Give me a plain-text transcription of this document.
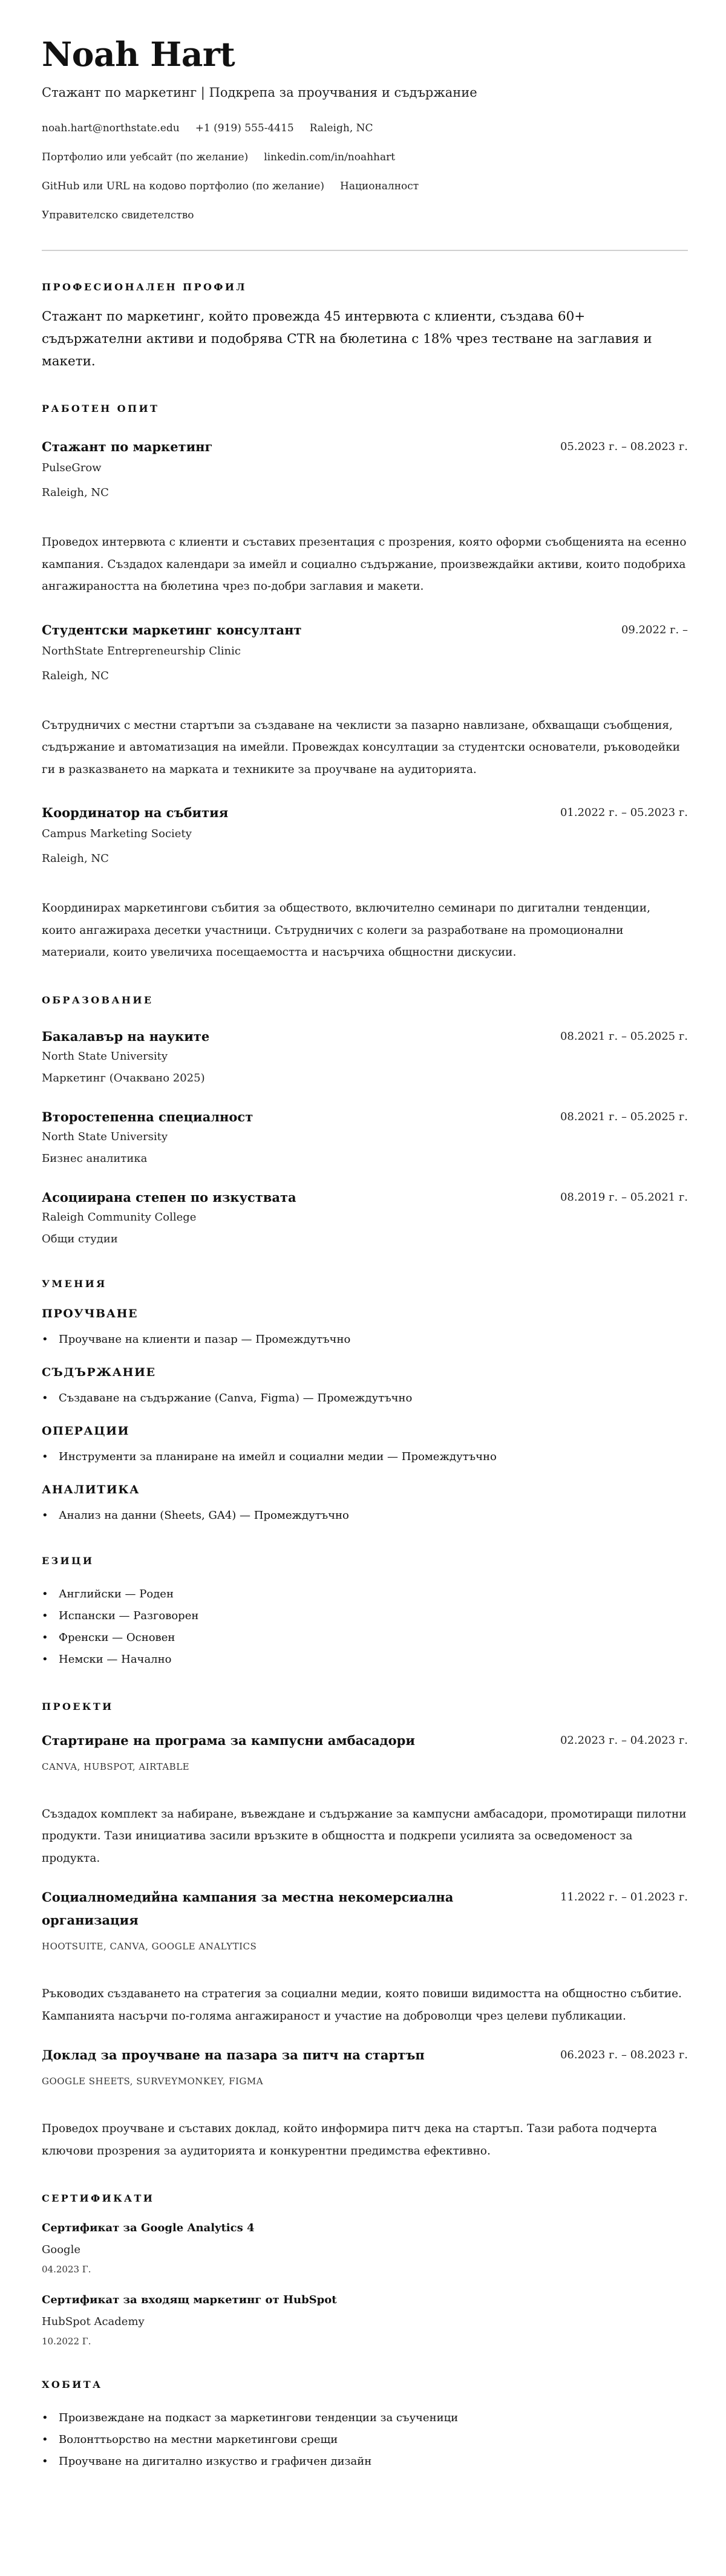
Noah Hart
Стажант по маркетинг | Подкрепа за проучвания и съдържание
noah.hart@northstate.edu +1 (919) 555-4415 Raleigh, NC
Портфолио или уебсайт (по желание) linkedin.com/in/noahhart
GitHub или URL на кодово портфолио (по желание) Националност
Управителско свидетелство
ПРОФЕСИОНАЛЕН ПРОФИЛ
Стажант по маркетинг, който провежда 45 интервюта с клиенти, създава 60+ съдържателни активи и подобрява CTR на бюлетина с 18% чрез тестване на заглавия и макети.
РАБОТЕН ОПИТ
Стажант по маркетинг	05.2023 г. – 08.2023 г.
PulseGrow
Raleigh, NC
Проведох интервюта с клиенти и съставих презентация с прозрения, която оформи съобщенията на есенно кампания. Създадох календари за имейл и социално съдържание, произвеждайки активи, които подобриха ангажираността на бюлетина чрез по-добри заглавия и макети.
Студентски маркетинг консултант	09.2022 г. –
NorthState Entrepreneurship Clinic
Raleigh, NC
Сътрудничих с местни стартъпи за създаване на чеклисти за пазарно навлизане, обхващащи съобщения, съдържание и автоматизация на имейли. Провеждах консултации за студентски основатели, ръководейки ги в разказването на марката и техниките за проучване на аудиторията.
Координатор на събития	01.2022 г. – 05.2023 г.
Campus Marketing Society
Raleigh, NC
Координирах маркетингови събития за обществото, включително семинари по дигитални тенденции, които ангажираха десетки участници. Сътрудничих с колеги за разработване на промоционални материали, които увеличиха посещаемостта и насърчиха общностни дискусии.
ОБРАЗОВАНИЕ
Бакалавър на науките	08.2021 г. – 05.2025 г.
North State University
Маркетинг (Очаквано 2025)
Второстепенна специалност	08.2021 г. – 05.2025 г.
North State University
Бизнес аналитика
Асоциирана степен по изкуствата	08.2019 г. – 05.2021 г.
Raleigh Community College
Общи студии
УМЕНИЯ
ПРОУЧВАНЕ
• Проучване на клиенти и пазар — Промеждутъчно
СЪДЪРЖАНИЕ
• Създаване на съдържание (Canva, Figma) — Промеждутъчно
ОПЕРАЦИИ
• Инструменти за планиране на имейл и социални медии — Промеждутъчно
АНАЛИТИКА
• Анализ на данни (Sheets, GA4) — Промеждутъчно
ЕЗИЦИ
• Английски — Роден
• Испански — Разговорен
• Френски — Основен
• Немски — Начално
ПРОЕКТИ
Стартиране на програма за кампусни амбасадори	02.2023 г. – 04.2023 г.
CANVA, HUBSPOT, AIRTABLE
Създадох комплект за набиране, въвеждане и съдържание за кампусни амбасадори, промотиращи пилотни продукти. Тази инициатива засили връзките в общността и подкрепи усилията за осведоменост за продукта.
Социалномедийна кампания за местна некомерсиална организация
11.2022 г. – 01.2023 г.
HOOTSUITE, CANVA, GOOGLE ANALYTICS
Ръководих създаването на стратегия за социални медии, която повиши видимостта на общностно събитие. Кампанията насърчи по-голяма ангажираност и участие на доброволци чрез целеви публикации.
Доклад за проучване на пазара за питч на стартъп	06.2023 г. – 08.2023 г.
GOOGLE SHEETS, SURVEYMONKEY, FIGMA
Проведох проучване и съставих доклад, който информира питч дека на стартъп. Тази работа подчерта ключови прозрения за аудиторията и конкурентни предимства ефективно.
СЕРТИФИКАТИ
Сертификат за Google Analytics 4
Google
04.2023 Г.
Сертификат за входящ маркетинг от HubSpot
HubSpot Academy
10.2022 Г.
ХОБИТА
• Произвеждане на подкаст за маркетингови тенденции за съученици
• Волонттьорство на местни маркетингови срещи
• Проучване на дигитално изкуство и графичен дизайн
